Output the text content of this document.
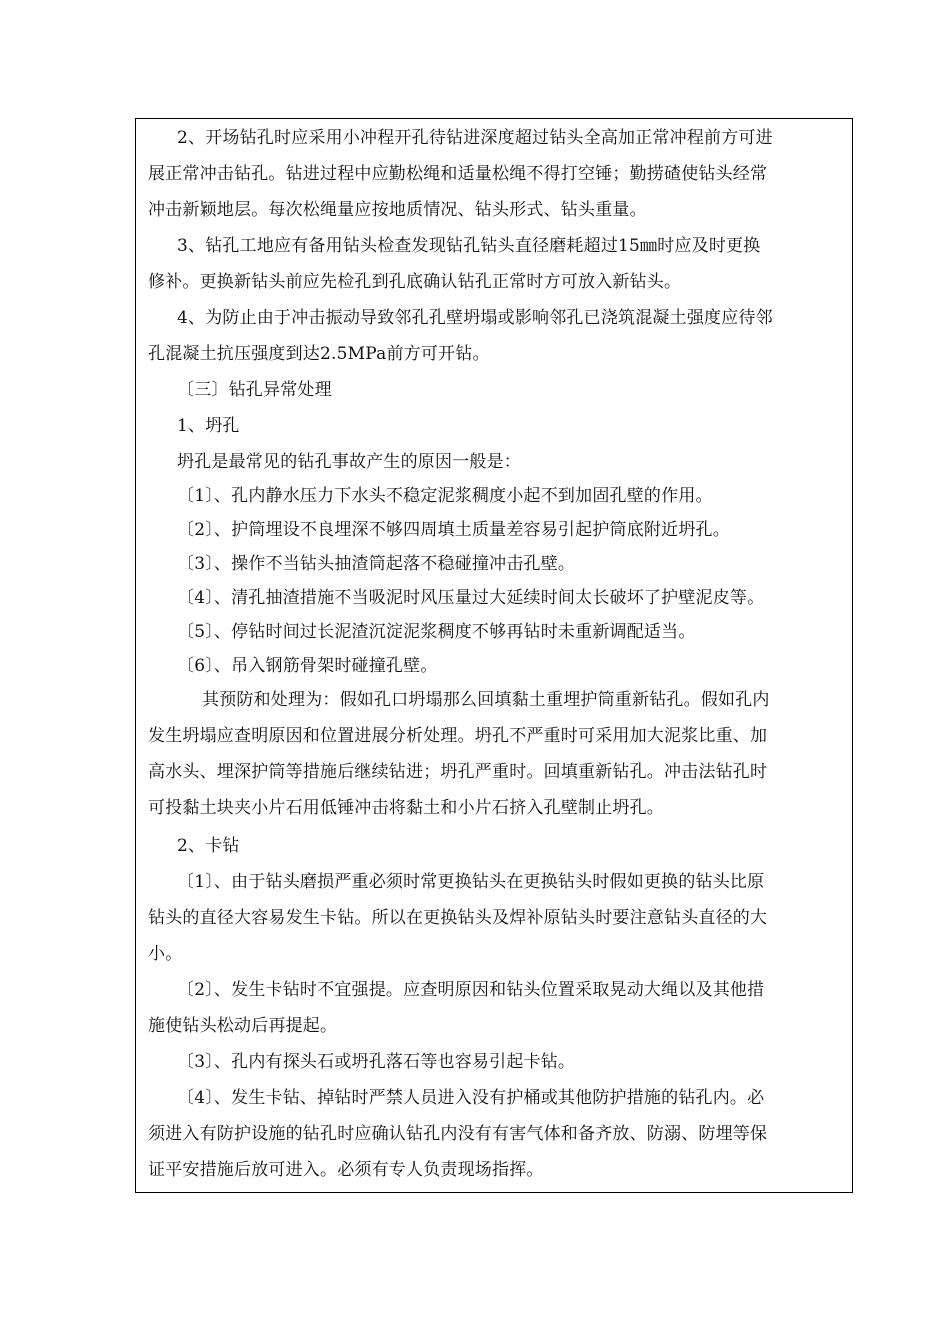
2、开场钻孔时应采用小冲程开孔待钻进深度超过钻头全高加正常冲程前方可进
展正常冲击钻孔。钻进过程中应勤松绳和适量松绳不得打空锤；勤捞碴使钻头经常
冲击新颖地层。每次松绳量应按地质情况、钻头形式、钻头重量。
3、钻孔工地应有备用钻头检查发现钻孔钻头直径磨耗超过15㎜时应及时更换
修补。更换新钻头前应先检孔到孔底确认钻孔正常时方可放入新钻头。
4、为防止由于冲击振动导致邻孔孔壁坍塌或影响邻孔已浇筑混凝土强度应待邻
孔混凝土抗压强度到达2.5MPa前方可开钻。
〔三〕钻孔异常处理
1、坍孔
坍孔是最常见的钻孔事故产生的原因一般是：
〔1〕、孔内静水压力下水头不稳定泥浆稠度小起不到加固孔壁的作用。
〔2〕、护筒埋设不良埋深不够四周填土质量差容易引起护筒底附近坍孔。
〔3〕、操作不当钻头抽渣筒起落不稳碰撞冲击孔壁。
〔4〕、清孔抽渣措施不当吸泥时风压量过大延续时间太长破坏了护壁泥皮等。
〔5〕、停钻时间过长泥渣沉淀泥浆稠度不够再钻时未重新调配适当。
〔6〕、吊入钢筋骨架时碰撞孔壁。
其预防和处理为：假如孔口坍塌那么回填黏土重埋护筒重新钻孔。假如孔内
发生坍塌应查明原因和位置进展分析处理。坍孔不严重时可采用加大泥浆比重、加
高水头、埋深护筒等措施后继续钻进；坍孔严重时。回填重新钻孔。冲击法钻孔时
可投黏土块夹小片石用低锤冲击将黏土和小片石挤入孔壁制止坍孔。
2、卡钻
〔1〕、由于钻头磨损严重必须时常更换钻头在更换钻头时假如更换的钻头比原
钻头的直径大容易发生卡钻。所以在更换钻头及焊补原钻头时要注意钻头直径的大
小。
〔2〕、发生卡钻时不宜强提。应查明原因和钻头位置采取晃动大绳以及其他措
施使钻头松动后再提起。
〔3〕、孔内有探头石或坍孔落石等也容易引起卡钻。
〔4〕、发生卡钻、掉钻时严禁人员进入没有护桶或其他防护措施的钻孔内。必
须进入有防护设施的钻孔时应确认钻孔内没有有害气体和备齐放、防溺、防埋等保
证平安措施后放可进入。必须有专人负责现场指挥。
